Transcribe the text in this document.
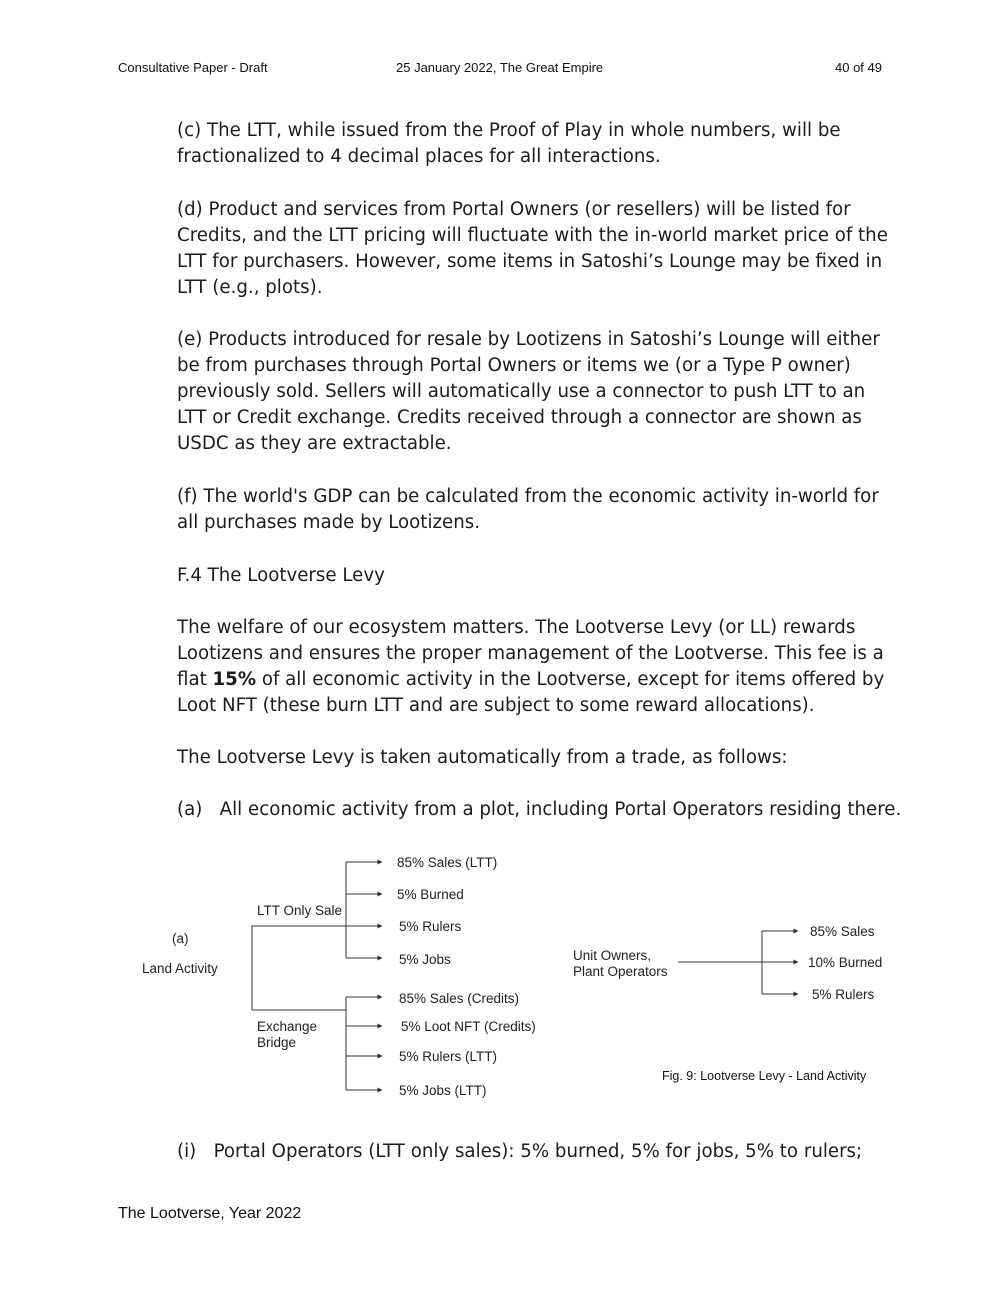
Consultative Paper - Draft	25 January 2022, The Great Empire	40 of 49

(c) The LTT, while issued from the Proof of Play in whole numbers, will be fractionalized to 4 decimal places for all interactions.

(d) Product and services from Portal Owners (or resellers) will be listed for Credits, and the LTT pricing will fluctuate with the in-world market price of the LTT for purchasers. However, some items in Satoshi’s Lounge may be fixed in LTT (e.g., plots).

(e) Products introduced for resale by Lootizens in Satoshi’s Lounge will either be from purchases through Portal Owners or items we (or a Type P owner) previously sold. Sellers will automatically use a connector to push LTT to an LTT or Credit exchange. Credits received through a connector are shown as USDC as they are extractable.

(f) The world's GDP can be calculated from the economic activity in-world for all purchases made by Lootizens.

F.4 The Lootverse Levy

The welfare of our ecosystem matters. The Lootverse Levy (or LL) rewards Lootizens and ensures the proper management of the Lootverse. This fee is a flat 15% of all economic activity in the Lootverse, except for items offered by Loot NFT (these burn LTT and are subject to some reward allocations).

The Lootverse Levy is taken automatically from a trade, as follows:

(a)   All economic activity from a plot, including Portal Operators residing there.

(a)
Land Activity
LTT Only Sale
85% Sales (LTT)
5% Burned
5% Rulers
5% Jobs
Exchange
Bridge
85% Sales (Credits)
5% Loot NFT (Credits)
5% Rulers (LTT)
5% Jobs (LTT)
Unit Owners,
Plant Operators
85% Sales
10% Burned
5% Rulers
Fig. 9: Lootverse Levy - Land Activity

(i)   Portal Operators (LTT only sales): 5% burned, 5% for jobs, 5% to rulers;

The Lootverse, Year 2022
